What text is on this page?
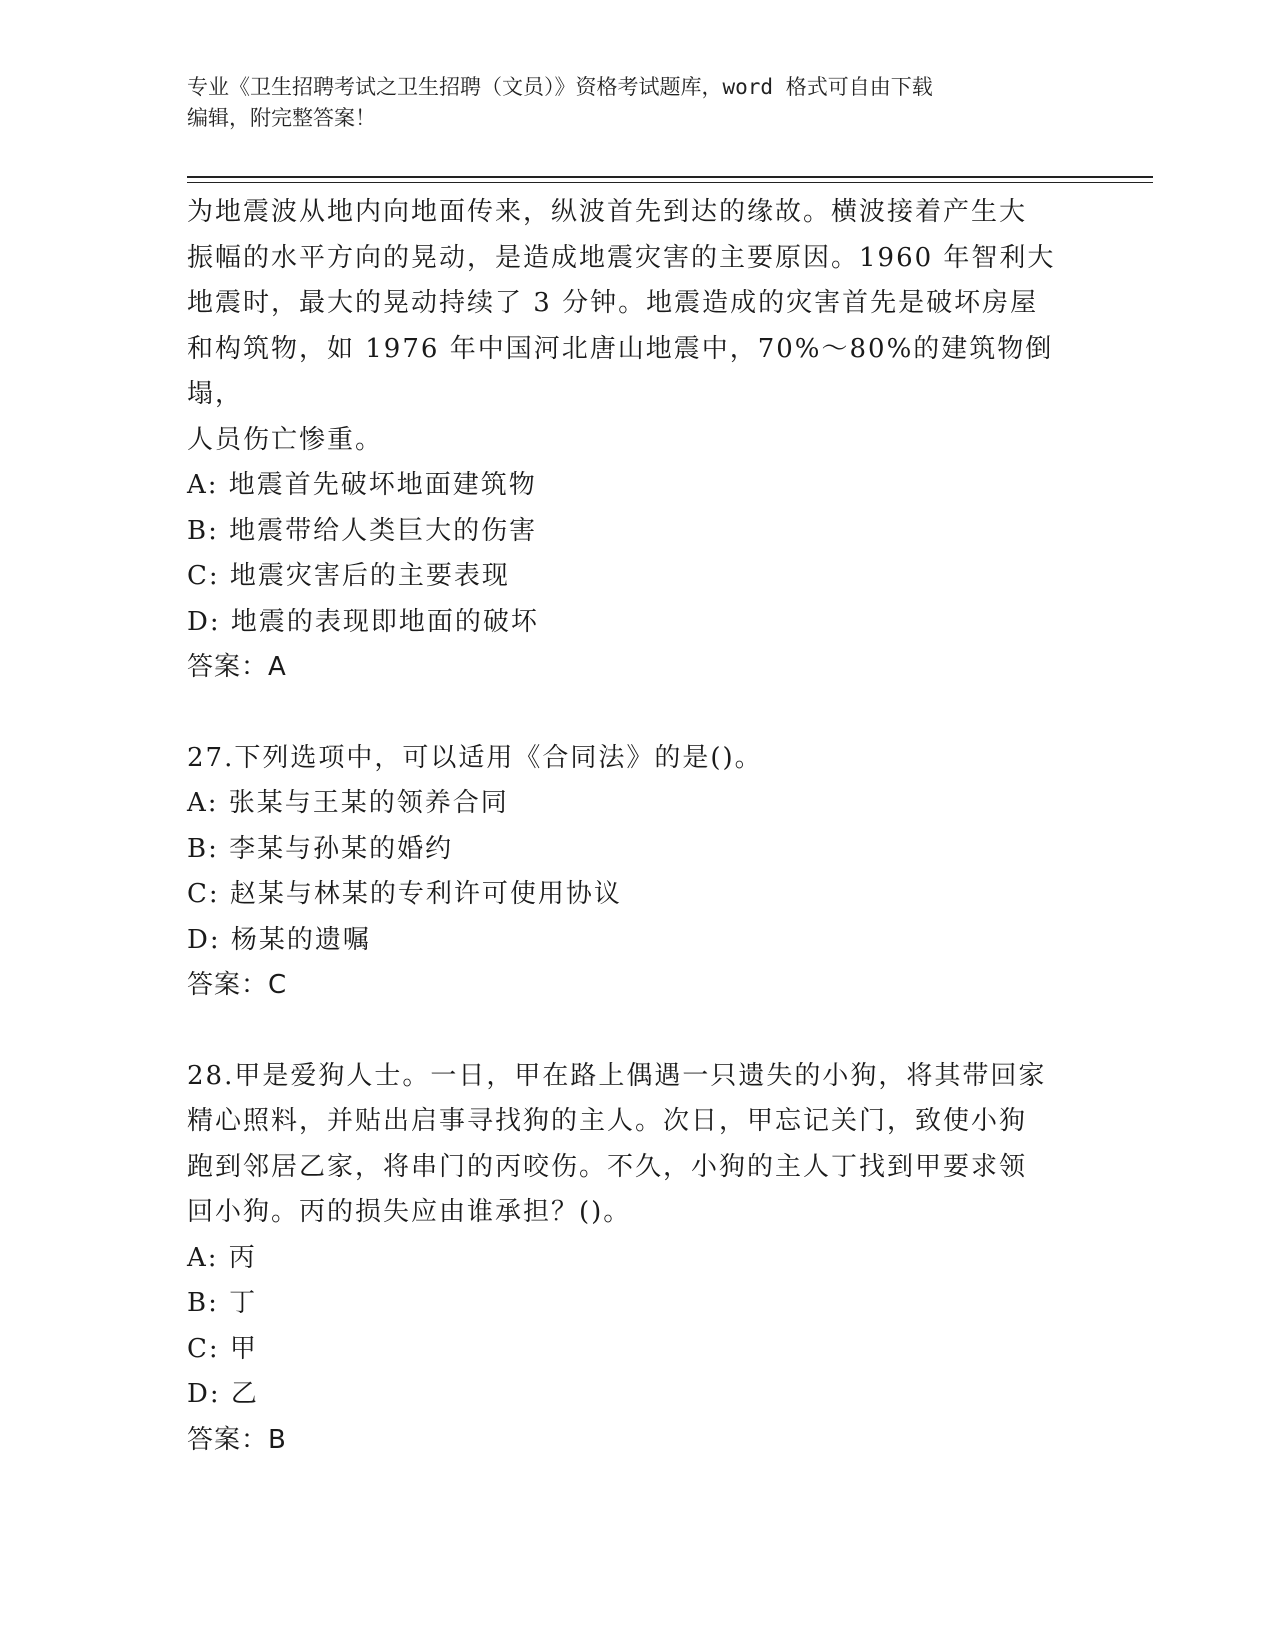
专业《卫生招聘考试之卫生招聘（文员）》资格考试题库，word 格式可自由下载
编辑，附完整答案！

为地震波从地内向地面传来，纵波首先到达的缘故。横波接着产生大

振幅的水平方向的晃动，是造成地震灾害的主要原因。1960 年智利大

地震时，最大的晃动持续了 3 分钟。地震造成的灾害首先是破坏房屋

和构筑物，如 1976 年中国河北唐山地震中，70%～80%的建筑物倒塌，

人员伤亡惨重。

A: 地震首先破坏地面建筑物

B: 地震带给人类巨大的伤害

C: 地震灾害后的主要表现

D: 地震的表现即地面的破坏

答案：A

27.下列选项中，可以适用《合同法》的是()。

A: 张某与王某的领养合同

B: 李某与孙某的婚约

C: 赵某与林某的专利许可使用协议

D: 杨某的遗嘱

答案：C

28.甲是爱狗人士。一日，甲在路上偶遇一只遗失的小狗，将其带回家

精心照料，并贴出启事寻找狗的主人。次日，甲忘记关门，致使小狗

跑到邻居乙家，将串门的丙咬伤。不久，小狗的主人丁找到甲要求领

回小狗。丙的损失应由谁承担？()。

A: 丙

B: 丁

C: 甲

D: 乙

答案：B
